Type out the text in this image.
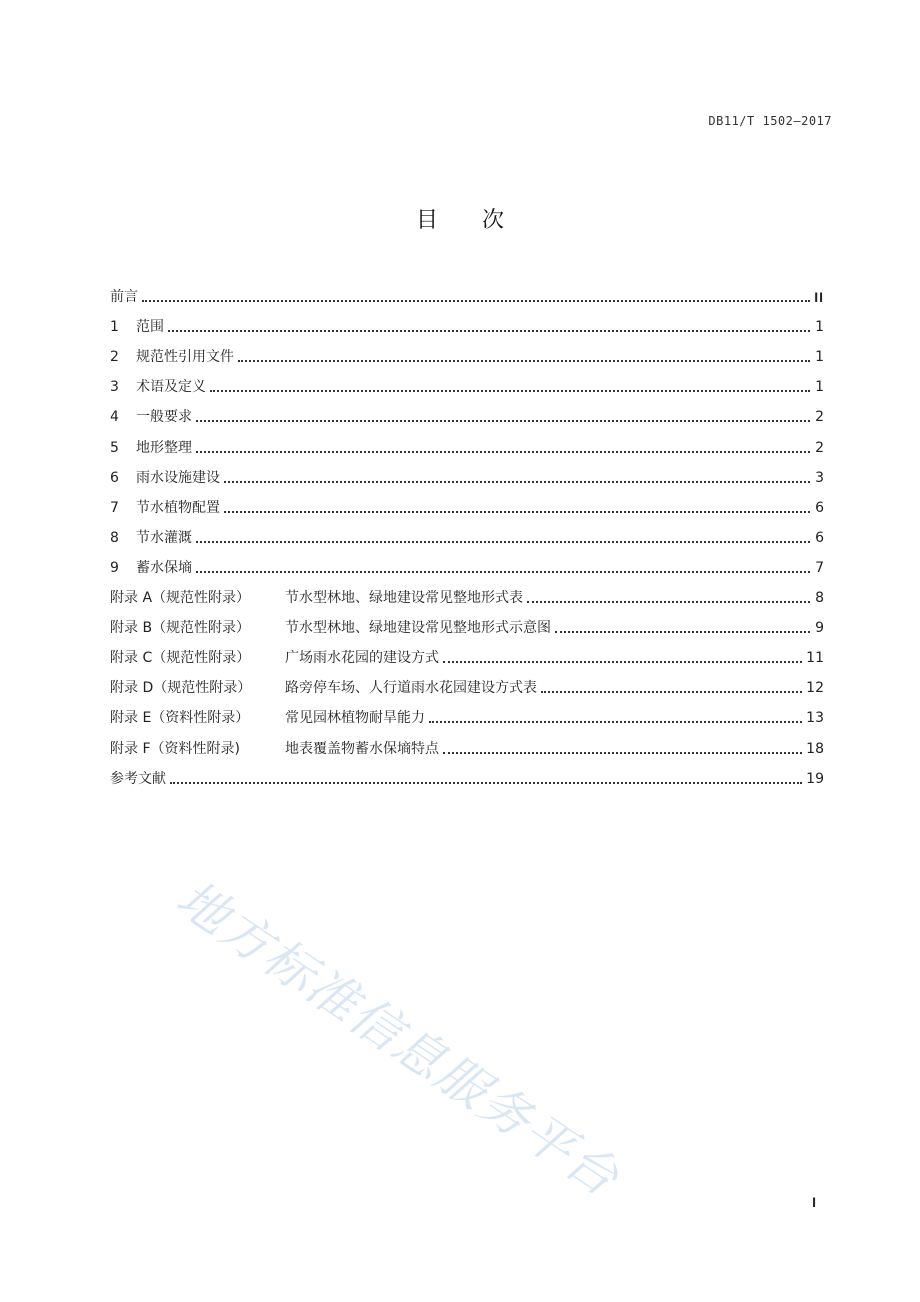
DB11/T 1502—2017
目 次
前言	II
1	范围	1
2	规范性引用文件	1
3	术语及定义	1
4	一般要求	2
5	地形整理	2
6	雨水设施建设	3
7	节水植物配置	6
8	节水灌溉	6
9	蓄水保墒	7
附录 A（规范性附录）	节水型林地、绿地建设常见整地形式表	8
附录 B（规范性附录）	节水型林地、绿地建设常见整地形式示意图	9
附录 C（规范性附录）	广场雨水花园的建设方式	11
附录 D（规范性附录）	路旁停车场、人行道雨水花园建设方式表	12
附录 E（资料性附录）	常见园林植物耐旱能力	13
附录 F（资料性附录)	地表覆盖物蓄水保墒特点	18
参考文献	19
地方标准信息服务平台	I
